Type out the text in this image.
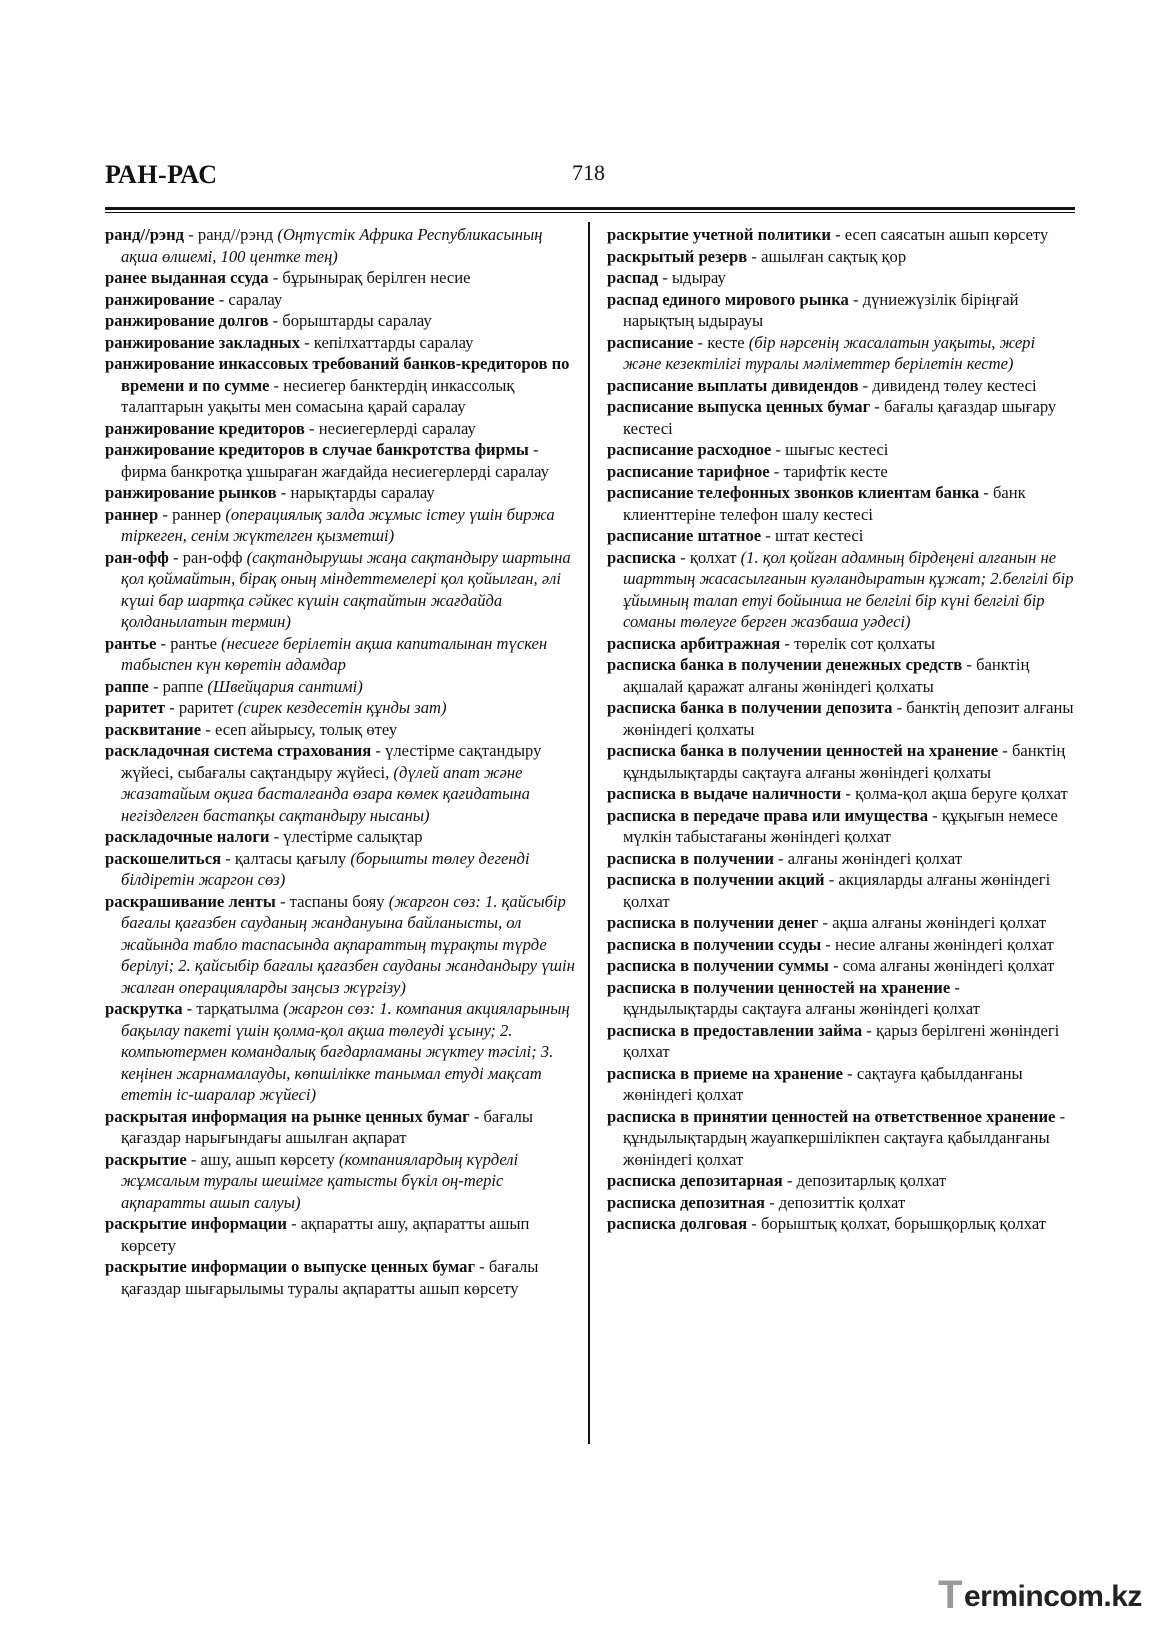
РАН-РАС	718

ранд//рэнд - ранд//рэнд (Оңтүстік Африка Республикасының ақша өлшемі, 100 центке тең)

ранее выданная ссуда - бұрынырақ берілген несие

ранжирование - саралау

ранжирование долгов - борыштарды саралау

ранжирование закладных - кепілхаттарды саралау

ранжирование инкассовых требований банков-кредиторов по времени и по сумме - несиегер банктердің инкассолық талаптарын уақыты мен сомасына қарай саралау

ранжирование кредиторов - несиегерлерді саралау

ранжирование кредиторов в случае банкротства фирмы - фирма банкротқа ұшыраған жағдайда несиегерлерді саралау

ранжирование рынков - нарықтарды саралау

раннер - раннер (операциялық залда жұмыс істеу үшін биржа тіркеген, сенім жүктелген қызметші)

ран-офф - ран-офф (сақтандырушы жаңа сақтандыру шартына қол қоймайтын, бірақ оның міндеттемелері қол қойылған, әлі күші бар шартқа сәйкес күшін сақтайтын жағдайда қолданылатын термин)

рантье - рантье (несиеге берілетін ақша капиталынан түскен табыспен күн көретін адамдар

раппе - раппе (Швейцария сантимі)

раритет - раритет (сирек кездесетін құнды зат)

расквитание - есеп айырысу, толық өтеу

раскладочная система страхования - үлестірме сақтандыру жүйесі, сыбағалы сақтандыру жүйесі, (дүлей апат және жазатайым оқиға басталғанда өзара көмек қағидатына негізделген бастапқы сақтандыру нысаны)

раскладочные налоги - үлестірме салықтар

раскошелиться - қалтасы қағылу (борышты төлеу дегенді білдіретін жаргон сөз)

раскрашивание ленты - таспаны бояу (жаргон сөз: 1. қайсыбір бағалы қағазбен сауданың жандануына байланысты, ол жайында табло таспасында ақпараттың тұрақты түрде берілуі; 2. қайсыбір бағалы қағазбен сауданы жандандыру үшін жалған операцияларды заңсыз жүргізу)

раскрутка - тарқатылма (жаргон сөз: 1. компания акцияларының бақылау пакеті үшін қолма-қол ақша төлеуді ұсыну; 2. компьютермен командалық бағдарламаны жүктеу тәсілі; 3. кеңінен жарнамалауды, көпшілікке танымал етуді мақсат ететін іс-шаралар жүйесі)

раскрытая информация на рынке ценных бумаг - бағалы қағаздар нарығындағы ашылған ақпарат

раскрытие - ашу, ашып көрсету (компаниялардың күрделі жұмсалым туралы шешімге қатысты бүкіл оң-теріс ақпаратты ашып салуы)

раскрытие информации - ақпаратты ашу, ақпаратты ашып көрсету

раскрытие информации о выпуске ценных бумаг - бағалы қағаздар шығарылымы туралы ақпаратты ашып көрсету

раскрытие учетной политики - есеп саясатын ашып көрсету

раскрытый резерв - ашылған сақтық қор

распад - ыдырау

распад единого мирового рынка - дүниежүзілік біріңғай нарықтың ыдырауы

расписание - кесте (бір нәрсенің жасалатын уақыты, жері және кезектілігі туралы мәліметтер берілетін кесте)

расписание выплаты дивидендов - дивиденд төлеу кестесі

расписание выпуска ценных бумаг - бағалы қағаздар шығару кестесі

расписание расходное - шығыс кестесі

расписание тарифное - тарифтік кесте

расписание телефонных звонков клиентам банка - банк клиенттеріне телефон шалу кестесі

расписание штатное - штат кестесі

расписка - қолхат (1. қол қойған адамның бірдеңені алғанын не шарттың жасасылғанын куәландыратын құжат; 2.белгілі бір ұйымның талап етуі бойынша не белгілі бір күні белгілі бір соманы төлеуге берген жазбаша уәдесі)

расписка арбитражная - төрелік сот қолхаты

расписка банка в получении денежных средств - банктің ақшалай қаражат алғаны жөніндегі қолхаты

расписка банка в получении депозита - банктің депозит алғаны жөніндегі қолхаты

расписка банка в получении ценностей на хранение - банктің құндылықтарды сақтауға алғаны жөніндегі қолхаты

расписка в выдаче наличности - қолма-қол ақша беруге қолхат

расписка в передаче права или имущества - құқығын немесе мүлкін табыстағаны жөніндегі қолхат

расписка в получении - алғаны жөніндегі қолхат

расписка в получении акций - акцияларды алғаны жөніндегі қолхат

расписка в получении денег - ақша алғаны жөніндегі қолхат

расписка в получении ссуды - несие алғаны жөніндегі қолхат

расписка в получении суммы - сома алғаны жөніндегі қолхат

расписка в получении ценностей на хранение - құндылықтарды сақтауға алғаны жөніндегі қолхат

расписка в предоставлении займа - қарыз берілгені жөніндегі қолхат

расписка в приеме на хранение - сақтауға қабылданғаны жөніндегі қолхат

расписка в принятии ценностей на ответственное хранение - құндылықтардың жауапкершілікпен сақтауға қабылданғаны жөніндегі қолхат

расписка депозитарная - депозитарлық қолхат

расписка депозитная - депозиттік қолхат

расписка долговая - борыштық қолхат, борышқорлық қолхат

T ermincom.kz
